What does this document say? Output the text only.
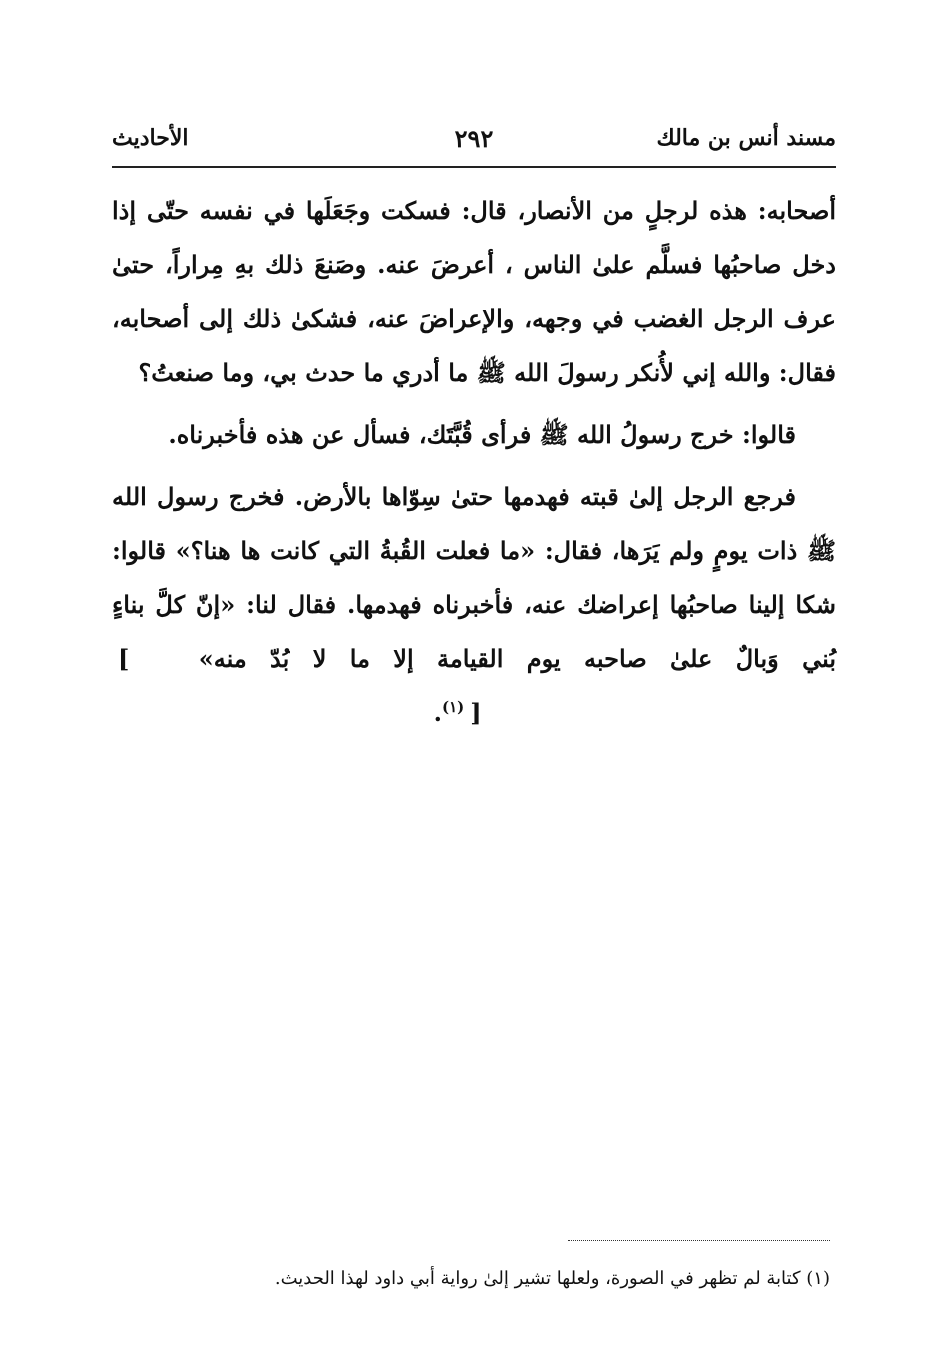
مسند أنس بن مالك
٢٩٢
الأحاديث

أصحابه: هذه لرجلٍ من الأنصار، قال: فسكت وجَعَلَها في نفسه حتّى إذا دخل صاحبُها فسلَّم علىٰ الناس ، أعرضَ عنه. وصَنعَ ذلك بهِ مِراراً، حتىٰ عرف الرجل الغضب في وجهه، والإعراضَ عنه، فشكىٰ ذلك إلى أصحابه، فقال: والله إني لأُنكر رسولَ الله ﷺ ما أدري ما حدث بي، وما صنعتُ؟

قالوا: خرج رسولُ الله ﷺ فرأى قُبَّتَك، فسأل عن هذه فأخبرناه.

فرجع الرجل إلىٰ قبته فهدمها حتىٰ سِوّاها بالأرض. فخرج رسول الله ﷺ ذات يومٍ ولم يَرَها، فقال: «ما فعلت القُبةُ التي كانت ها هنا؟» قالوا: شكا إلينا صاحبُها إعراضك عنه، فأخبرناه فهدمها. فقال لنا: «إنّ كلَّ بناءٍ بُني وَبالٌ علىٰ صاحبه يوم القيامة إلا ما لا بُدّ منه» ]  [$^{(١)}$.

(١) كتابة لم تظهر في الصورة، ولعلها تشير إلىٰ رواية أبي داود لهذا الحديث.
